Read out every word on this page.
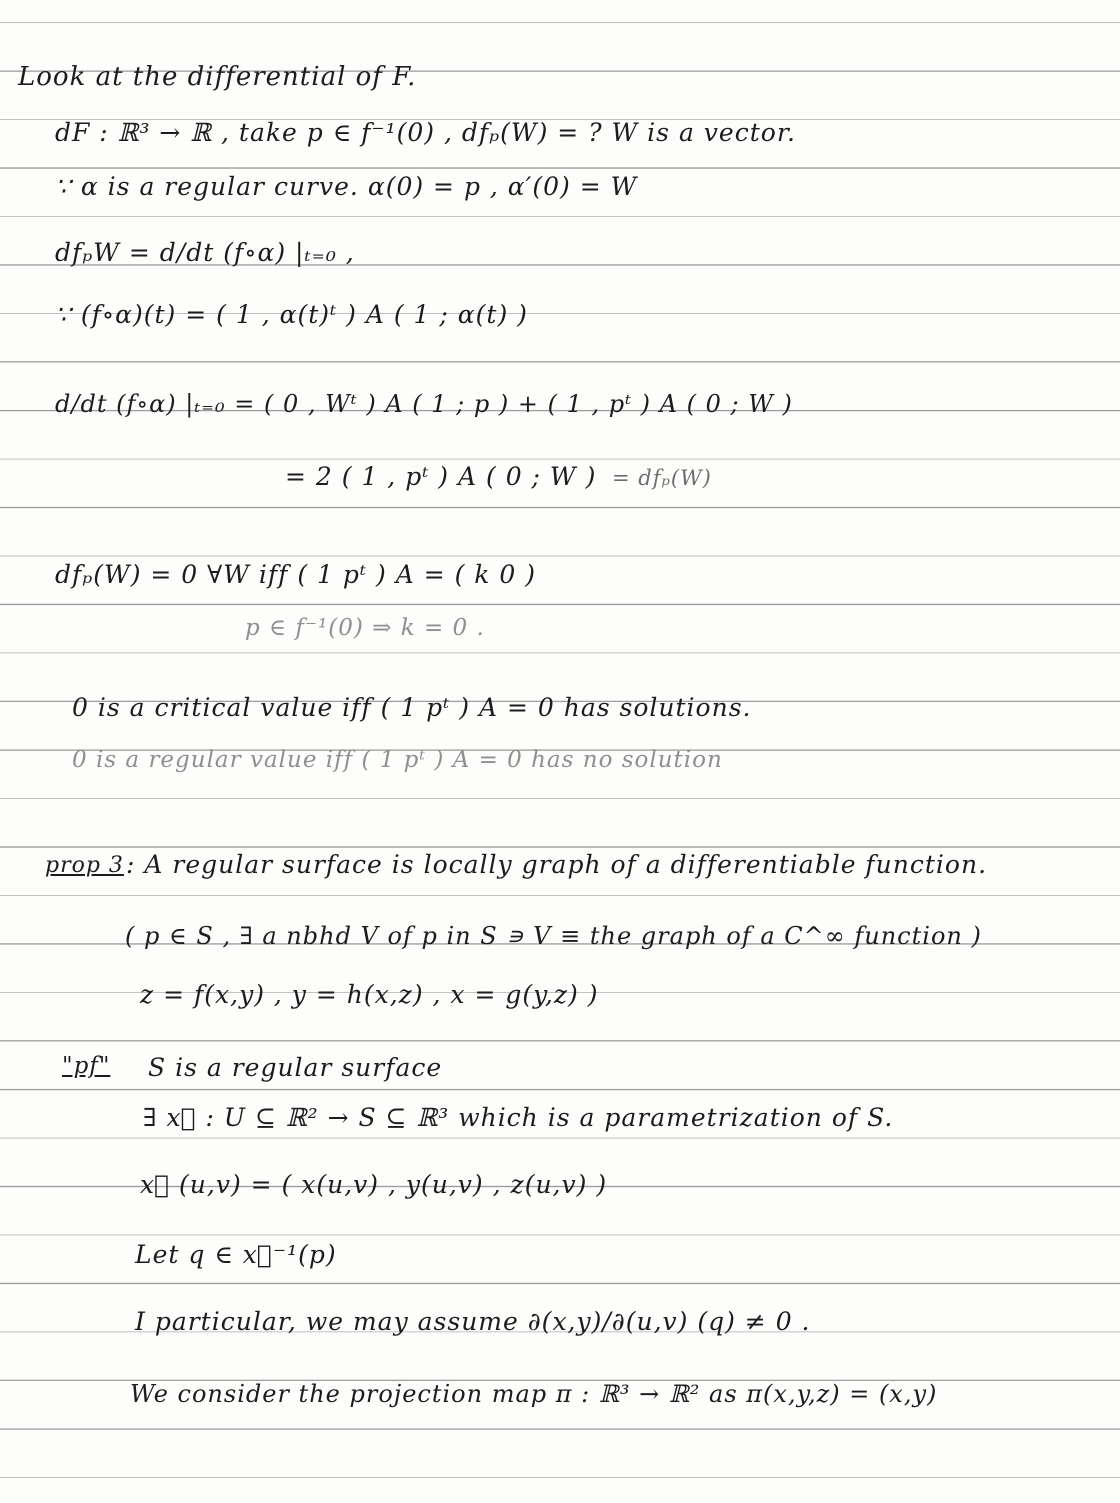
Look at the differential of F.
dF : ℝ³ → ℝ , take p ∈ f⁻¹(0) , dfₚ(W) = ? W is a vector.
∵ α is a regular curve. α(0) = p , α′(0) = W
dfₚW = d/dt (f∘α) |ₜ₌₀ ,
∵ (f∘α)(t) = ( 1 , α(t)ᵗ ) A ( 1 ; α(t) )
d/dt (f∘α) |ₜ₌₀ = ( 0 , Wᵗ ) A ( 1 ; p ) + ( 1 , pᵗ ) A ( 0 ; W )
= 2 ( 1 , pᵗ ) A ( 0 ; W ) = dfₚ(W)
dfₚ(W) = 0 ∀W iff ( 1 pᵗ ) A = ( k 0 )
p ∈ f⁻¹(0) ⇒ k = 0 .
0 is a critical value iff ( 1 pᵗ ) A = 0 has solutions.
0 is a regular value iff ( 1 pᵗ ) A = 0 has no solution
prop 3 : A regular surface is locally graph of a differentiable function.
( p ∈ S , ∃ a nbhd V of p in S ∍ V ≡ the graph of a C^∞ function )
z = f(x,y) , y = h(x,z) , x = g(y,z) )
"pf" S is a regular surface
∃ x⃗ : U ⊆ ℝ² → S ⊆ ℝ³ which is a parametrization of S.
x⃗ (u,v) = ( x(u,v) , y(u,v) , z(u,v) )
Let q ∈ x⃗⁻¹(p)
I particular, we may assume ∂(x,y)/∂(u,v) (q) ≠ 0 .
We consider the projection map π : ℝ³ → ℝ² as π(x,y,z) = (x,y)
